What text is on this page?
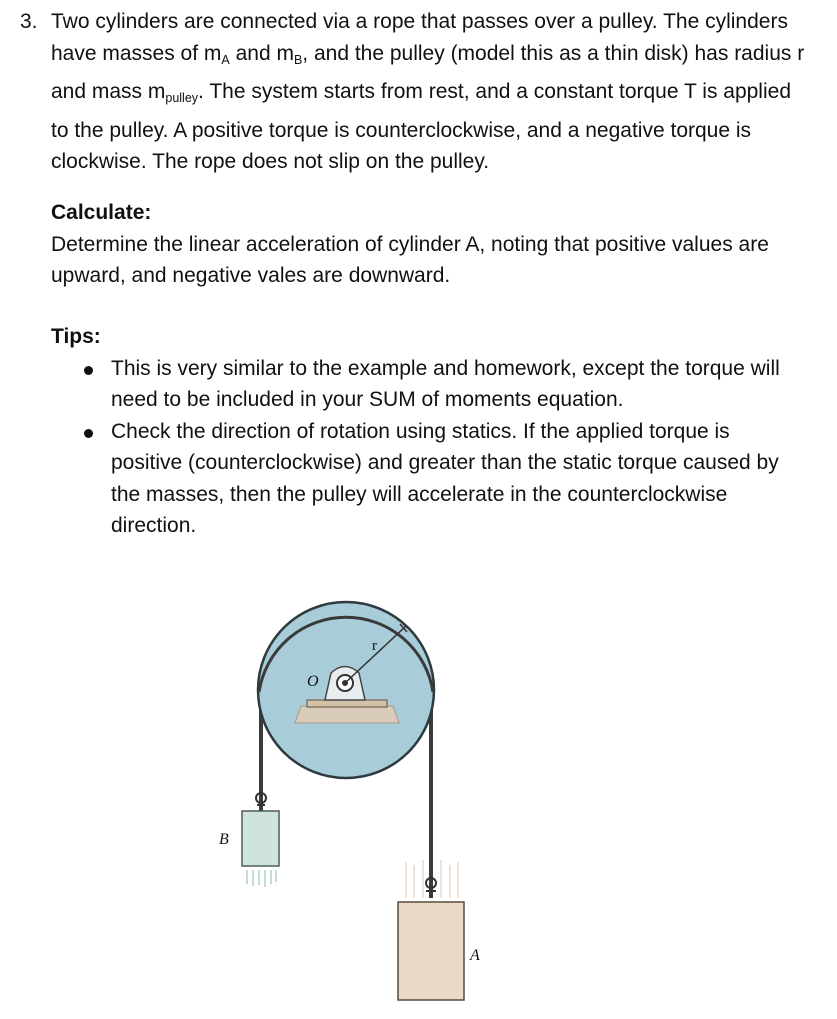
3. Two cylinders are connected via a rope that passes over a pulley. The cylinders have masses of $m_A$ and $m_B$, and the pulley (model this as a thin disk) has radius r and mass $m_{pulley}$. The system starts from rest, and a constant torque T is applied to the pulley. A positive torque is counterclockwise, and a negative torque is clockwise. The rope does not slip on the pulley.
Calculate:
Determine the linear acceleration of cylinder A, noting that positive values are upward, and negative vales are downward.
Tips:
This is very similar to the example and homework, except the torque will need to be included in your SUM of moments equation.
Check the direction of rotation using statics. If the applied torque is positive (counterclockwise) and greater than the static torque caused by the masses, then the pulley will accelerate in the counterclockwise direction.
r
O
B
A
